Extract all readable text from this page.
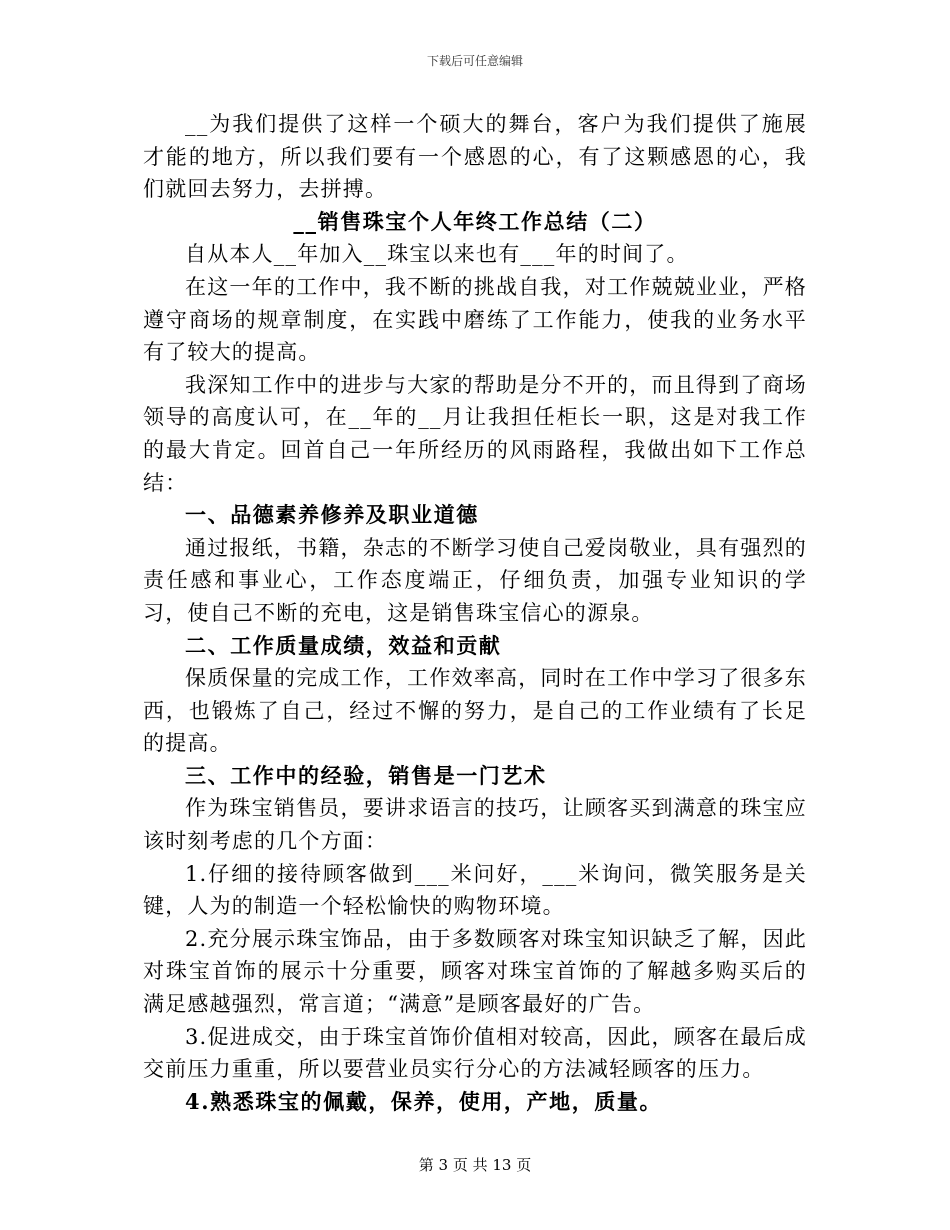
下载后可任意编辑

__为我们提供了这样一个硕大的舞台，客户为我们提供了施展才能的地方，所以我们要有一个感恩的心，有了这颗感恩的心，我们就回去努力，去拼搏。

__销售珠宝个人年终工作总结（二）

自从本人__年加入__珠宝以来也有___年的时间了。

在这一年的工作中，我不断的挑战自我，对工作兢兢业业，严格遵守商场的规章制度，在实践中磨练了工作能力，使我的业务水平有了较大的提高。

我深知工作中的进步与大家的帮助是分不开的，而且得到了商场领导的高度认可，在__年的__月让我担任柜长一职，这是对我工作的最大肯定。回首自己一年所经历的风雨路程，我做出如下工作总结：

一、品德素养修养及职业道德

通过报纸，书籍，杂志的不断学习使自己爱岗敬业，具有强烈的责任感和事业心，工作态度端正，仔细负责，加强专业知识的学习，使自己不断的充电，这是销售珠宝信心的源泉。

二、工作质量成绩，效益和贡献

保质保量的完成工作，工作效率高，同时在工作中学习了很多东西，也锻炼了自己，经过不懈的努力，是自己的工作业绩有了长足的提高。

三、工作中的经验，销售是一门艺术

作为珠宝销售员，要讲求语言的技巧，让顾客买到满意的珠宝应该时刻考虑的几个方面：

1.仔细的接待顾客做到___米问好，___米询问，微笑服务是关键，人为的制造一个轻松愉快的购物环境。

2.充分展示珠宝饰品，由于多数顾客对珠宝知识缺乏了解，因此对珠宝首饰的展示十分重要，顾客对珠宝首饰的了解越多购买后的满足感越强烈，常言道；“满意”是顾客最好的广告。

3.促进成交，由于珠宝首饰价值相对较高，因此，顾客在最后成交前压力重重，所以要营业员实行分心的方法减轻顾客的压力。

4.熟悉珠宝的佩戴，保养，使用，产地，质量。

第 3 页 共 13 页
